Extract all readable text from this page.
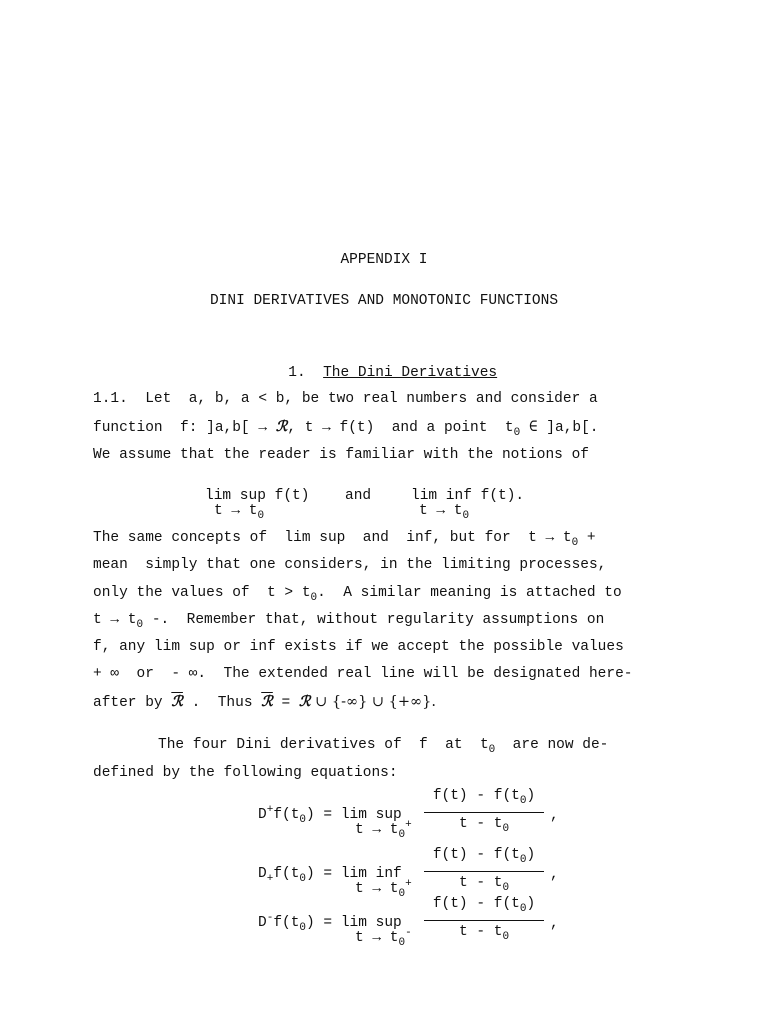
APPENDIX I
DINI DERIVATIVES AND MONOTONIC FUNCTIONS

1. The Dini Derivatives

1.1.  Let  a, b, a < b, be two real numbers and consider a
function  f: ]a,b[ → ℛ, t → f(t)  and a point  $t_0$ ∈ ]a,b[.
We assume that the reader is familiar with the notions of
lim sup f(t) and	lim inf f(t).
$t \to t_0$	$t \to t_0$
The same concepts of  lim sup  and  inf, but for  $t \to t_0$ +
mean  simply that one considers, in the limiting processes,
only the values of  $t > t_0$.  A similar meaning is attached to
$t \to t_0$ -.  Remember that, without regularity assumptions on
f, any lim sup or inf exists if we accept the possible values
+ ∞  or  - ∞.  The extended real line will be designated here-
after by ℛ .  Thus ℛ = ℛ ∪ {-∞} ∪ {+∞}.
The four Dini derivatives of  f  at  $t_0$  are now de-
defined by the following equations:
$D^+f(t_0) = \lim$ sup
$t \to t_0^+$
$f(t) - f(t_0)$
t - $t_0$
,
$D_+f(t_0) = \lim$ inf
$t \to t_0^+$
$f(t) - f(t_0)$
t - $t_0$
,
$D^-f(t_0) = \lim$ sup
$t \to t_0^-$
$f(t) - f(t_0)$
t - $t_0$
,
